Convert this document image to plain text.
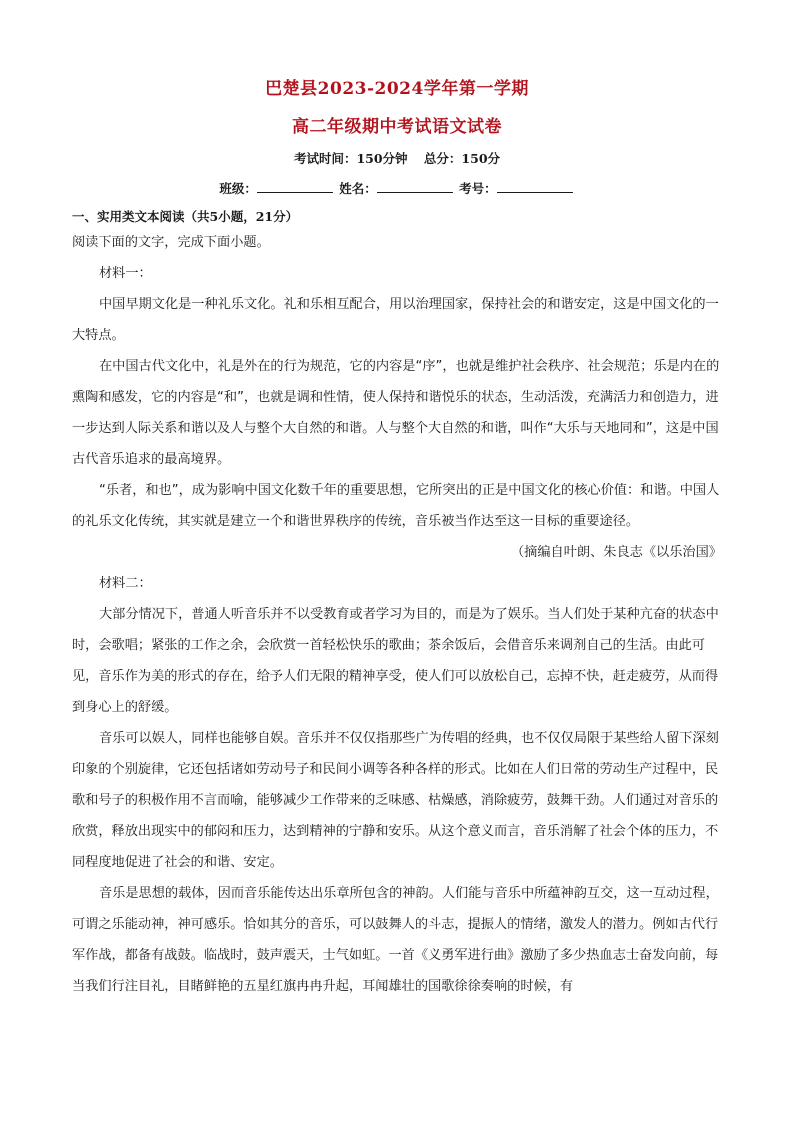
巴楚县2023-2024学年第一学期
高二年级期中考试语文试卷
考试时间：150分钟 总分：150分
班级：	姓名：	考号：
一、实用类文本阅读（共5小题，21分）

阅读下面的文字，完成下面小题。

材料一：

中国早期文化是一种礼乐文化。礼和乐相互配合，用以治理国家，保持社会的和谐安定，这是中国文化的一大特点。

在中国古代文化中，礼是外在的行为规范，它的内容是“序”，也就是维护社会秩序、社会规范；乐是内在的熏陶和感发，它的内容是“和”，也就是调和性情，使人保持和谐悦乐的状态，生动活泼，充满活力和创造力，进一步达到人际关系和谐以及人与整个大自然的和谐。人与整个大自然的和谐，叫作“大乐与天地同和”，这是中国古代音乐追求的最高境界。

“乐者，和也”，成为影响中国文化数千年的重要思想，它所突出的正是中国文化的核心价值：和谐。中国人的礼乐文化传统，其实就是建立一个和谐世界秩序的传统，音乐被当作达至这一目标的重要途径。

（摘编自叶朗、朱良志《以乐治国》

材料二：

大部分情况下，普通人听音乐并不以受教育或者学习为目的，而是为了娱乐。当人们处于某种亢奋的状态中时，会歌唱；紧张的工作之余，会欣赏一首轻松快乐的歌曲；茶余饭后，会借音乐来调剂自己的生活。由此可见，音乐作为美的形式的存在，给予人们无限的精神享受，使人们可以放松自己，忘掉不快，赶走疲劳，从而得到身心上的舒缓。

音乐可以娱人，同样也能够自娱。音乐并不仅仅指那些广为传唱的经典，也不仅仅局限于某些给人留下深刻印象的个别旋律，它还包括诸如劳动号子和民间小调等各种各样的形式。比如在人们日常的劳动生产过程中，民歌和号子的积极作用不言而喻，能够减少工作带来的乏味感、枯燥感，消除疲劳，鼓舞干劲。人们通过对音乐的欣赏，释放出现实中的郁闷和压力，达到精神的宁静和安乐。从这个意义而言，音乐消解了社会个体的压力，不同程度地促进了社会的和谐、安定。

音乐是思想的载体，因而音乐能传达出乐章所包含的神韵。人们能与音乐中所蕴神韵互交，这一互动过程，可谓之乐能动神，神可感乐。恰如其分的音乐，可以鼓舞人的斗志，提振人的情绪，激发人的潜力。例如古代行军作战，都备有战鼓。临战时，鼓声震天，士气如虹。一首《义勇军进行曲》激励了多少热血志士奋发向前，每当我们行注目礼，目睹鲜艳的五星红旗冉冉升起，耳闻雄壮的国歌徐徐奏响的时候，有
